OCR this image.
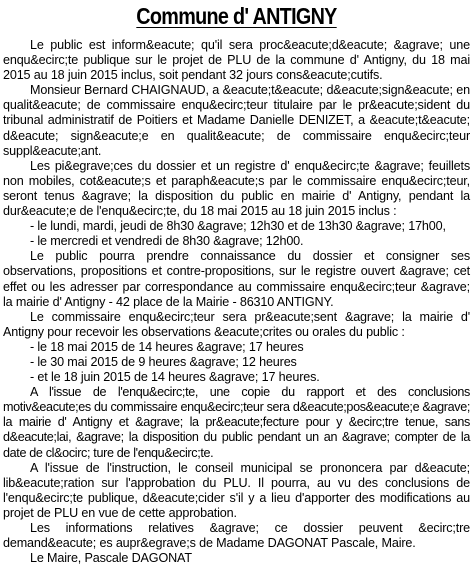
Commune d' ANTIGNY

Le public est inform&eacute; qu'il sera proc&eacute;d&eacute; &agrave; une enqu&ecirc;te publique sur le projet de PLU de la commune d' Antigny, du 18 mai 2015 au 18 juin 2015 inclus, soit pendant 32 jours cons&eacute;cutifs.

Monsieur Bernard CHAIGNAUD, a &eacute;t&eacute; d&eacute;sign&eacute; en qualit&eacute; de commissaire enqu&ecirc;teur titulaire par le pr&eacute;sident du tribunal administratif de Poitiers et Madame Danielle DENIZET, a &eacute;t&eacute; d&eacute; sign&eacute;e en qualit&eacute; de commissaire enqu&ecirc;teur suppl&eacute;ant.

Les pi&egrave;ces du dossier et un registre d' enqu&ecirc;te &agrave; feuillets non mobiles, cot&eacute;s et paraph&eacute;s par le commissaire enqu&ecirc;teur, seront tenus &agrave; la disposition du public en mairie d' Antigny, pendant la dur&eacute;e de l'enqu&ecirc;te, du 18 mai 2015 au 18 juin 2015 inclus :

- le lundi, mardi, jeudi de 8h30 &agrave; 12h30 et de 13h30 &agrave; 17h00,

- le mercredi et vendredi de 8h30 &agrave; 12h00.

Le public pourra prendre connaissance du dossier et consigner ses observations, propositions et contre-propositions, sur le registre ouvert &agrave; cet effet ou les adresser par correspondance au commissaire enqu&ecirc;teur &agrave; la mairie d' Antigny - 42 place de la Mairie - 86310 ANTIGNY.

Le commissaire enqu&ecirc;teur sera pr&eacute;sent &agrave; la mairie d' Antigny pour recevoir les observations &eacute;crites ou orales du public :

- le 18 mai 2015 de 14 heures &agrave; 17 heures

- le 30 mai 2015 de 9 heures &agrave; 12 heures

- et le 18 juin 2015 de 14 heures &agrave; 17 heures.

A l'issue de l'enqu&ecirc;te, une copie du rapport et des conclusions motiv&eacute;es du commissaire enqu&ecirc;teur sera d&eacute;pos&eacute;e &agrave; la mairie d' Antigny et &agrave; la pr&eacute;fecture pour y &ecirc;tre tenue, sans d&eacute;lai, &agrave; la disposition du public pendant un an &agrave; compter de la date de cl&ocirc; ture de l'enqu&ecirc;te.

A l'issue de l'instruction, le conseil municipal se prononcera par d&eacute; lib&eacute;ration sur l'approbation du PLU. Il pourra, au vu des conclusions de l'enqu&ecirc;te publique, d&eacute;cider s'il y a lieu d'apporter des modifications au projet de PLU en vue de cette approbation.

Les informations relatives &agrave; ce dossier peuvent &ecirc;tre demand&eacute; es aupr&egrave;s de Madame DAGONAT Pascale, Maire.

Le Maire, Pascale DAGONAT
